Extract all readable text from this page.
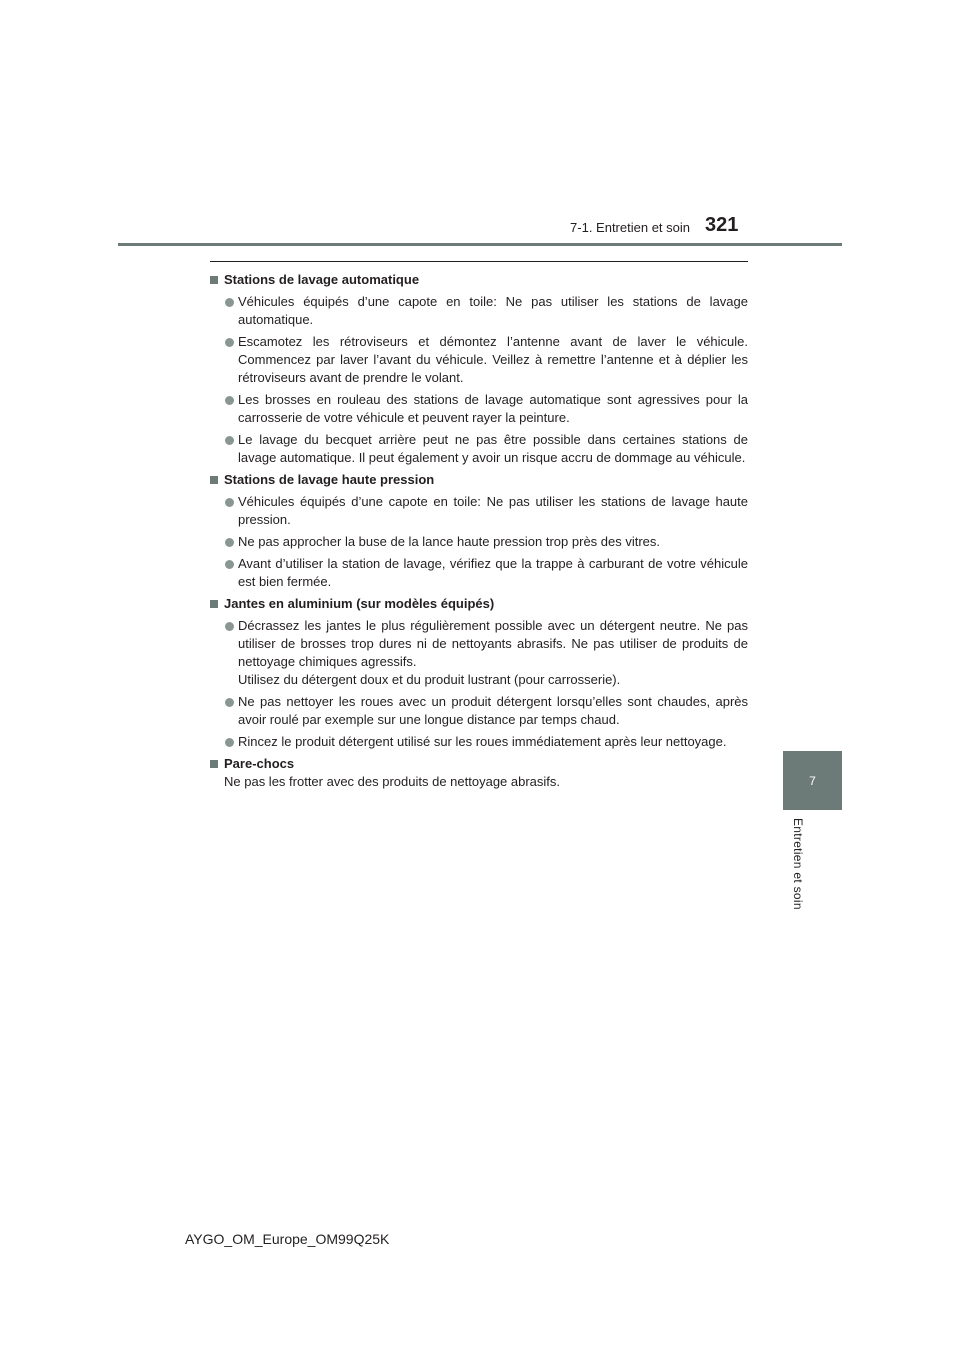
7-1. Entretien et soin 321
7
Entretien et soin
Stations de lavage automatique
Véhicules équipés d’une capote en toile: Ne pas utiliser les stations de lavage automatique.
Escamotez les rétroviseurs et démontez l’antenne avant de laver le véhicule. Commencez par laver l’avant du véhicule. Veillez à remettre l’antenne et à déplier les rétroviseurs avant de prendre le volant.
Les brosses en rouleau des stations de lavage automatique sont agressives pour la carrosserie de votre véhicule et peuvent rayer la peinture.
Le lavage du becquet arrière peut ne pas être possible dans certaines stations de lavage automatique. Il peut également y avoir un risque accru de dommage au véhicule.
Stations de lavage haute pression
Véhicules équipés d’une capote en toile: Ne pas utiliser les stations de lavage haute pression.
Ne pas approcher la buse de la lance haute pression trop près des vitres.
Avant d’utiliser la station de lavage, vérifiez que la trappe à carburant de votre véhicule est bien fermée.
Jantes en aluminium (sur modèles équipés)
Décrassez les jantes le plus régulièrement possible avec un détergent neutre. Ne pas utiliser de brosses trop dures ni de nettoyants abrasifs. Ne pas utiliser de produits de nettoyage chimiques agressifs.
Utilisez du détergent doux et du produit lustrant (pour carrosserie).
Ne pas nettoyer les roues avec un produit détergent lorsqu’elles sont chaudes, après avoir roulé par exemple sur une longue distance par temps chaud.
Rincez le produit détergent utilisé sur les roues immédiatement après leur nettoyage.
Pare-chocs
Ne pas les frotter avec des produits de nettoyage abrasifs.
AYGO_OM_Europe_OM99Q25K
